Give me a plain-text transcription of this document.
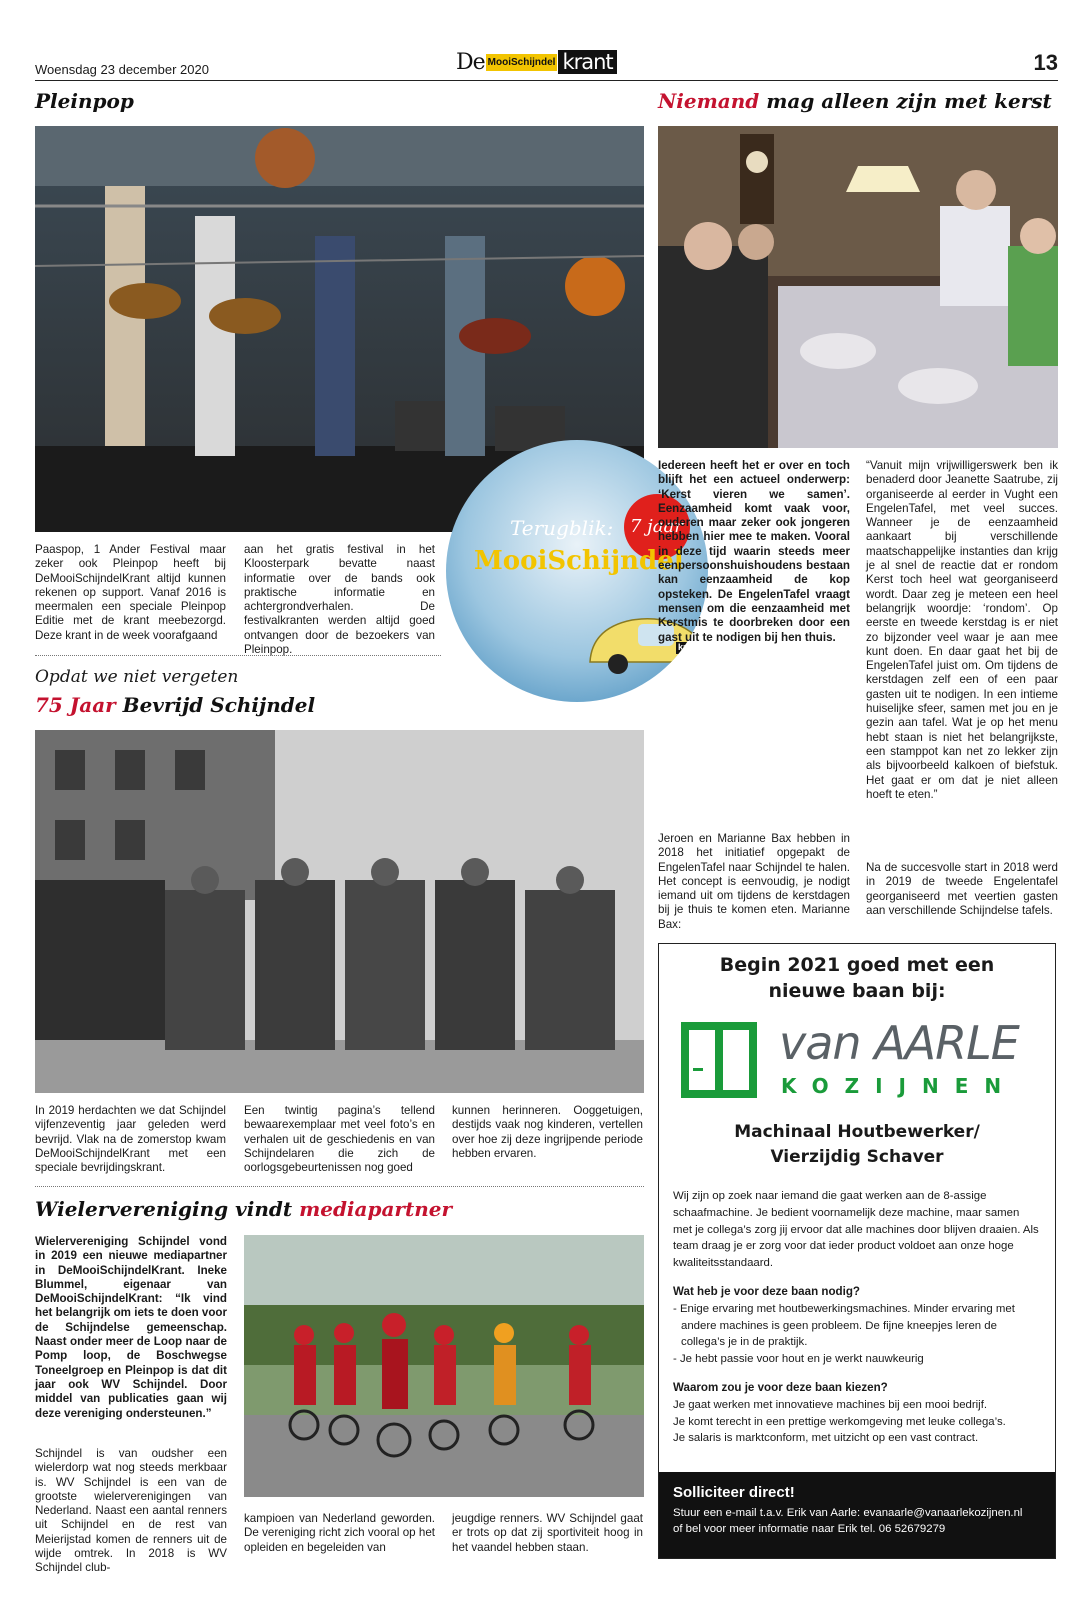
Woensdag 23 december 2020	De MooiSchijndel krant	13
Pleinpop
Paaspop, 1 Ander Festival maar zeker ook Pleinpop heeft bij DeMooiSchijndelKrant altijd kunnen rekenen op support. Vanaf 2016 is meermalen een speciale Pleinpop Editie met de krant meebezorgd. Deze krant in de week voorafgaand
aan het gratis festival in het Kloosterpark bevatte naast informatie over de bands ook praktische informatie en achtergrondverhalen. De festivalkranten werden altijd goed ontvangen door de bezoekers van Pleinpop.
Terugblik: 7 jaar
MooiSchijndel
krant
Niemand mag alleen zijn met kerst
Iedereen heeft het er over en toch blijft het een actueel onderwerp: ‘Kerst vieren we samen’. Eenzaamheid komt vaak voor, ouderen maar zeker ook jongeren hebben hier mee te maken. Vooral in deze tijd waarin steeds meer eenpersoonshuishoudens bestaan kan eenzaamheid de kop opsteken. De EngelenTafel vraagt mensen om die eenzaamheid met Kerstmis te doorbreken door een gast uit te nodigen bij hen thuis.
Jeroen en Marianne Bax hebben in 2018 het initiatief opgepakt de EngelenTafel naar Schijndel te halen. Het concept is eenvoudig, je nodigt iemand uit om tijdens de kerstdagen bij je thuis te komen eten. Marianne Bax:
“Vanuit mijn vrijwilligerswerk ben ik benaderd door Jeanette Saatrube, zij organiseerde al eerder in Vught een EngelenTafel, met veel succes. Wanneer je de eenzaamheid aankaart bij verschillende maatschappelijke instanties dan krijg je al snel de reactie dat er rondom Kerst toch heel wat georganiseerd wordt. Daar zeg je meteen een heel belangrijk woordje: ‘rondom’. Op eerste en tweede kerstdag is er niet zo bijzonder veel waar je aan mee kunt doen. En daar gaat het bij de EngelenTafel juist om. Om tijdens de kerstdagen zelf een of een paar gasten uit te nodigen. In een intieme huiselijke sfeer, samen met jou en je gezin aan tafel. Wat je op het menu hebt staan is niet het belangrijkste, een stamppot kan net zo lekker zijn als bijvoorbeeld kalkoen of biefstuk. Het gaat er om dat je niet alleen hoeft te eten.”
Na de succesvolle start in 2018 werd in 2019 de tweede Engelentafel georganiseerd met veertien gasten aan verschillende Schijndelse tafels.
Opdat we niet vergeten
75 Jaar Bevrijd Schijndel
In 2019 herdachten we dat Schijndel vijfenzeventig jaar geleden werd bevrijd. Vlak na de zomerstop kwam DeMooiSchijndelKrant met een speciale bevrijdingskrant.
Een twintig pagina’s tellend bewaarexemplaar met veel foto’s en verhalen uit de geschiedenis en van Schijndelaren die zich de oorlogsgebeurtenissen nog goed
kunnen herinneren. Ooggetuigen, destijds vaak nog kinderen, vertellen over hoe zij deze ingrijpende periode hebben ervaren.
Wielervereniging vindt mediapartner
Wielervereniging Schijndel vond in 2019 een nieuwe mediapartner in DeMooiSchijndelKrant. Ineke Blummel, eigenaar van DeMooiSchijndelKrant: “Ik vind het belangrijk om iets te doen voor de Schijndelse gemeenschap. Naast onder meer de Loop naar de Pomp loop, de Boschwegse Toneelgroep en Pleinpop is dat dit jaar ook WV Schijndel. Door middel van publicaties gaan wij deze vereniging ondersteunen.”
Schijndel is van oudsher een wielerdorp wat nog steeds merkbaar is. WV Schijndel is een van de grootste wielerverenigingen van Nederland. Naast een aantal renners uit Schijndel en de rest van Meierijstad komen de renners uit de wijde omtrek. In 2018 is WV Schijndel club-
kampioen van Nederland geworden. De vereniging richt zich vooral op het opleiden en begeleiden van
jeugdige renners. WV Schijndel gaat er trots op dat zij sportiviteit hoog in het vaandel hebben staan.
Begin 2021 goed met een nieuwe baan bij:
van AARLE
KOZIJNEN
Machinaal Houtbewerker/
Vierzijdig Schaver
Wij zijn op zoek naar iemand die gaat werken aan de 8-assige schaafmachine. Je bedient voornamelijk deze machine, maar samen met je collega’s zorg jij ervoor dat alle machines door blijven draaien. Als team draag je er zorg voor dat ieder product voldoet aan onze hoge kwaliteitsstandaard.
Wat heb je voor deze baan nodig?
- Enige ervaring met houtbewerkingsmachines. Minder ervaring met andere machines is geen probleem. De fijne kneepjes leren de collega’s je in de praktijk.
- Je hebt passie voor hout en je werkt nauwkeurig
Waarom zou je voor deze baan kiezen?
Je gaat werken met innovatieve machines bij een mooi bedrijf.
Je komt terecht in een prettige werkomgeving met leuke collega’s.
Je salaris is marktconform, met uitzicht op een vast contract.
Solliciteer direct!
Stuur een e-mail t.a.v. Erik van Aarle: evanaarle@vanaarlekozijnen.nl
of bel voor meer informatie naar Erik tel. 06 52679279
